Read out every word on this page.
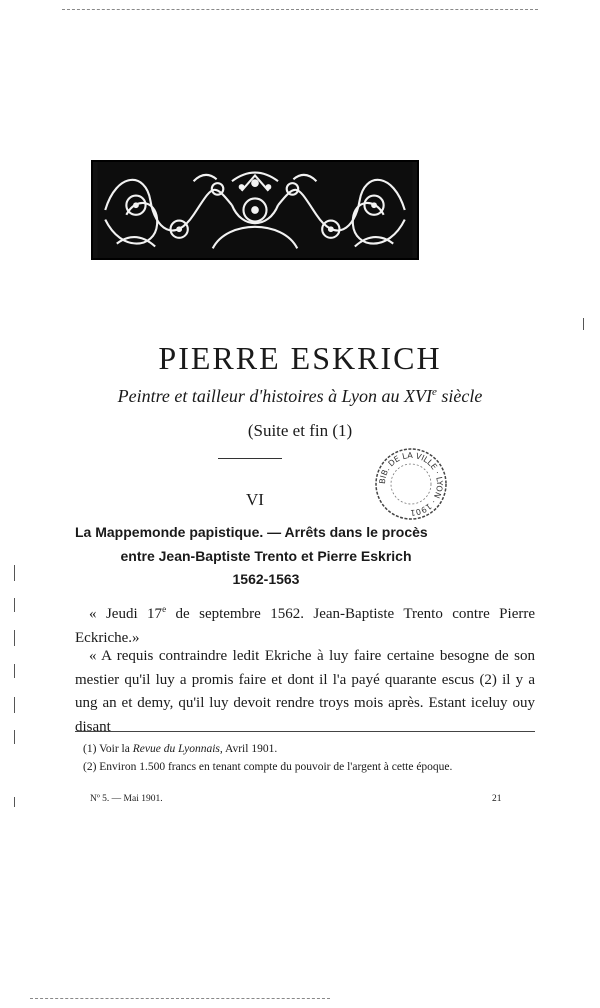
PIERRE ESKRICH
Peintre et tailleur d'histoires à Lyon au XVIe siècle
(Suite et fin (1)
VI
BIB. DE LA VILLE · LYON · 1901
La Mappemonde papistique. — Arrêts dans le procès
entre Jean-Baptiste Trento et Pierre Eskrich
1562-1563
« Jeudi 17e de septembre 1562. Jean-Baptiste Trento contre Pierre Eckriche.»
« A requis contraindre ledit Ekriche à luy faire certaine besogne de son mestier qu'il luy a promis faire et dont il l'a payé quarante escus (2) il y a ung an et demy, qu'il luy devoit rendre troys mois après. Estant iceluy ouy disant
(1) Voir la Revue du Lyonnais, Avril 1901.
(2) Environ 1.500 francs en tenant compte du pouvoir de l'argent à cette époque.
Nº 5. — Mai 1901.	21
